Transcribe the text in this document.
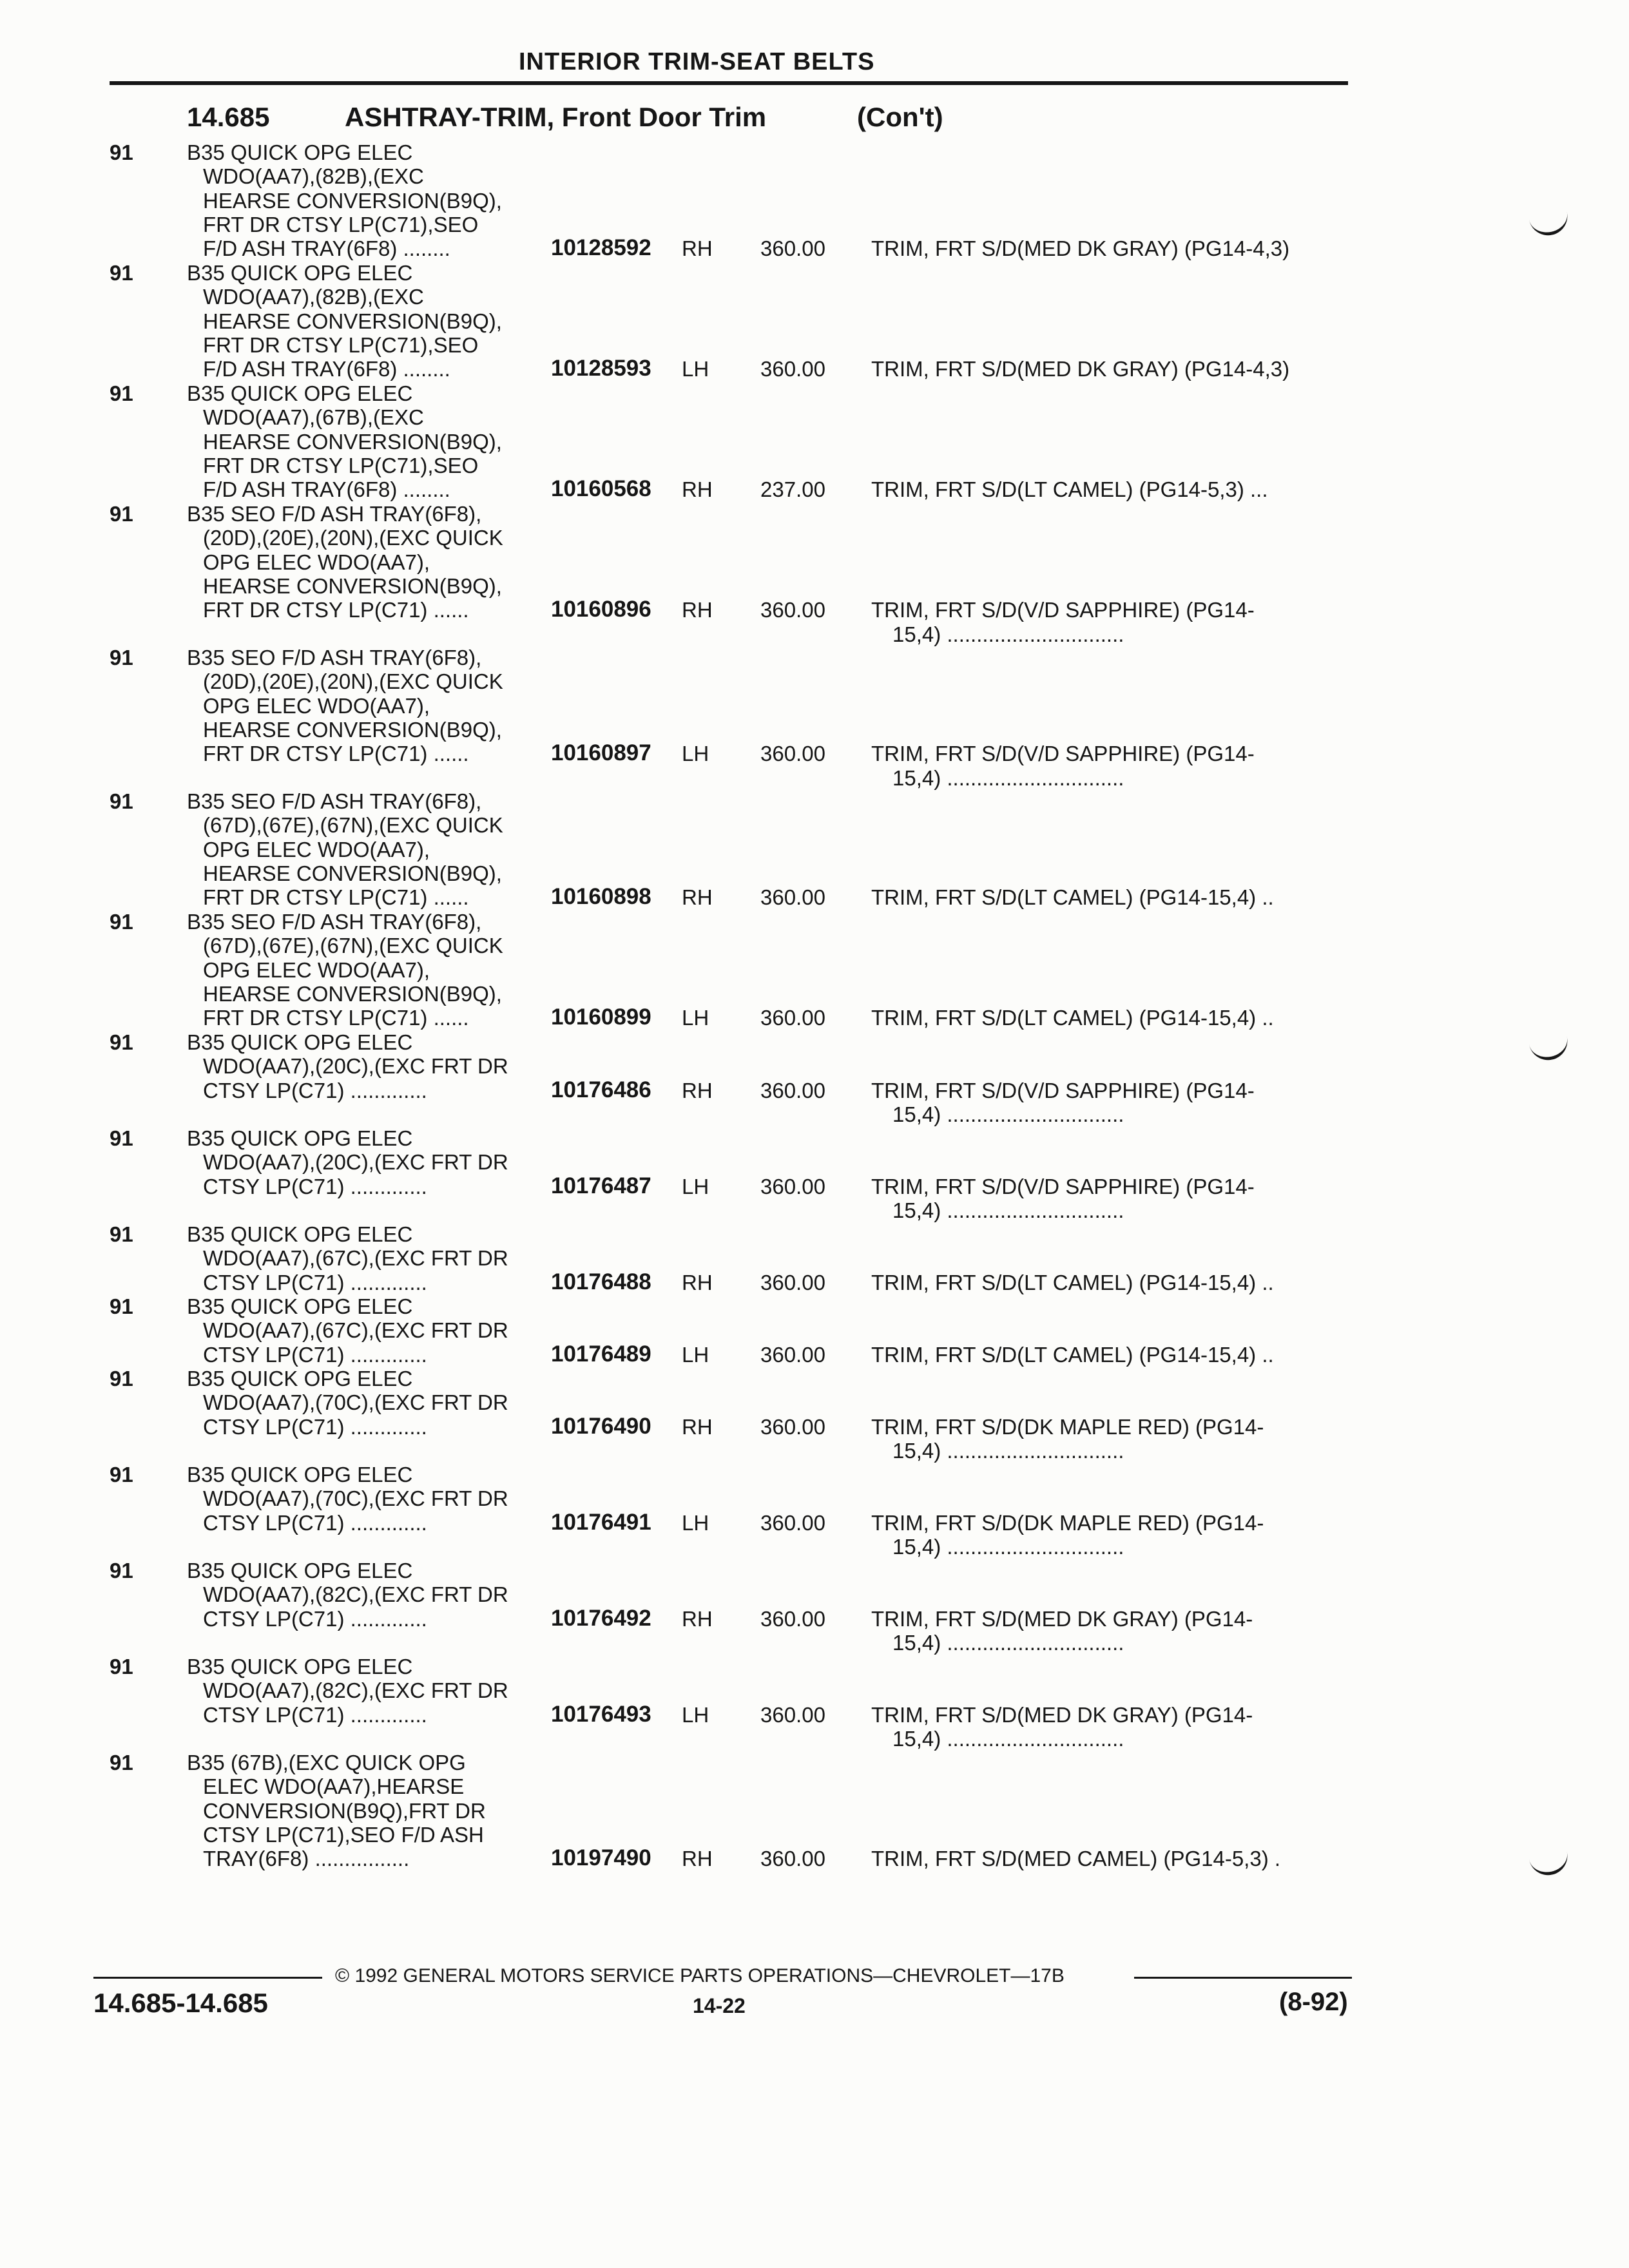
INTERIOR TRIM-SEAT BELTS
14.685	ASHTRAY-TRIM, Front Door Trim	(Con't)
91	B35 QUICK OPG ELEC
WDO(AA7),(82B),(EXC
HEARSE CONVERSION(B9Q),
FRT DR CTSY LP(C71),SEO
F/D ASH TRAY(6F8) ........	10128592 RH 360.00 TRIM, FRT S/D(MED DK GRAY) (PG14-4,3)
91	B35 QUICK OPG ELEC
WDO(AA7),(82B),(EXC
HEARSE CONVERSION(B9Q),
FRT DR CTSY LP(C71),SEO
F/D ASH TRAY(6F8) ........	10128593 LH 360.00 TRIM, FRT S/D(MED DK GRAY) (PG14-4,3)
91	B35 QUICK OPG ELEC
WDO(AA7),(67B),(EXC
HEARSE CONVERSION(B9Q),
FRT DR CTSY LP(C71),SEO
F/D ASH TRAY(6F8) ........	10160568 RH 237.00 TRIM, FRT S/D(LT CAMEL) (PG14-5,3) ...
91	B35 SEO F/D ASH TRAY(6F8),
(20D),(20E),(20N),(EXC QUICK
OPG ELEC WDO(AA7),
HEARSE CONVERSION(B9Q),
FRT DR CTSY LP(C71) ......	10160896 RH 360.00 TRIM, FRT S/D(V/D SAPPHIRE) (PG14-
15,4) ..............................
91	B35 SEO F/D ASH TRAY(6F8),
(20D),(20E),(20N),(EXC QUICK
OPG ELEC WDO(AA7),
HEARSE CONVERSION(B9Q),
FRT DR CTSY LP(C71) ......	10160897 LH 360.00 TRIM, FRT S/D(V/D SAPPHIRE) (PG14-
15,4) ..............................
91	B35 SEO F/D ASH TRAY(6F8),
(67D),(67E),(67N),(EXC QUICK
OPG ELEC WDO(AA7),
HEARSE CONVERSION(B9Q),
FRT DR CTSY LP(C71) ......	10160898 RH 360.00 TRIM, FRT S/D(LT CAMEL) (PG14-15,4) ..
91	B35 SEO F/D ASH TRAY(6F8),
(67D),(67E),(67N),(EXC QUICK
OPG ELEC WDO(AA7),
HEARSE CONVERSION(B9Q),
FRT DR CTSY LP(C71) ......	10160899 LH 360.00 TRIM, FRT S/D(LT CAMEL) (PG14-15,4) ..
91	B35 QUICK OPG ELEC
WDO(AA7),(20C),(EXC FRT DR
CTSY LP(C71) .............	10176486 RH 360.00 TRIM, FRT S/D(V/D SAPPHIRE) (PG14-
15,4) ..............................
91	B35 QUICK OPG ELEC
WDO(AA7),(20C),(EXC FRT DR
CTSY LP(C71) .............	10176487 LH 360.00 TRIM, FRT S/D(V/D SAPPHIRE) (PG14-
15,4) ..............................
91	B35 QUICK OPG ELEC
WDO(AA7),(67C),(EXC FRT DR
CTSY LP(C71) .............	10176488 RH 360.00 TRIM, FRT S/D(LT CAMEL) (PG14-15,4) ..
91	B35 QUICK OPG ELEC
WDO(AA7),(67C),(EXC FRT DR
CTSY LP(C71) .............	10176489 LH 360.00 TRIM, FRT S/D(LT CAMEL) (PG14-15,4) ..
91	B35 QUICK OPG ELEC
WDO(AA7),(70C),(EXC FRT DR
CTSY LP(C71) .............	10176490 RH 360.00 TRIM, FRT S/D(DK MAPLE RED) (PG14-
15,4) ..............................
91	B35 QUICK OPG ELEC
WDO(AA7),(70C),(EXC FRT DR
CTSY LP(C71) .............	10176491 LH 360.00 TRIM, FRT S/D(DK MAPLE RED) (PG14-
15,4) ..............................
91	B35 QUICK OPG ELEC
WDO(AA7),(82C),(EXC FRT DR
CTSY LP(C71) .............	10176492 RH 360.00 TRIM, FRT S/D(MED DK GRAY) (PG14-
15,4) ..............................
91	B35 QUICK OPG ELEC
WDO(AA7),(82C),(EXC FRT DR
CTSY LP(C71) .............	10176493 LH 360.00 TRIM, FRT S/D(MED DK GRAY) (PG14-
15,4) ..............................
91	B35 (67B),(EXC QUICK OPG
ELEC WDO(AA7),HEARSE
CONVERSION(B9Q),FRT DR
CTSY LP(C71),SEO F/D ASH
TRAY(6F8) ................	10197490 RH 360.00 TRIM, FRT S/D(MED CAMEL) (PG14-5,3) .
© 1992 GENERAL MOTORS SERVICE PARTS OPERATIONS—CHEVROLET—17B
14.685-14.685	14-22	(8-92)
